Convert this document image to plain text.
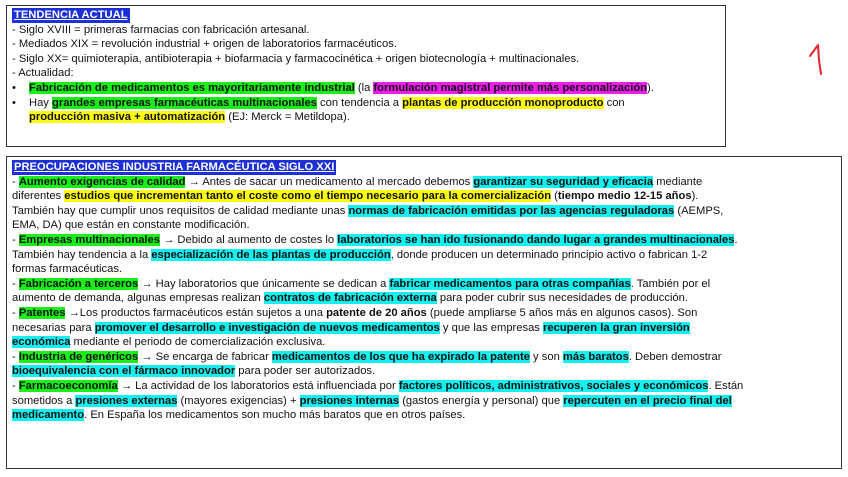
TENDENCIA ACTUAL
- Siglo XVIII = primeras farmacias con fabricación artesanal.
- Mediados XIX = revolución industrial + origen de laboratorios farmacéuticos.
- Siglo XX= quimioterapia, antibioterapia + biofarmacia y farmacocinética + origen biotecnología + multinacionales.
- Actualidad:
• Fabricación de medicamentos es mayoritariamente industrial (la formulación magistral permite más personalización).
• Hay grandes empresas farmacéuticas multinacionales con tendencia a plantas de producción monoproducto con
producción masiva + automatización (EJ: Merck = Metildopa).
PREOCUPACIONES INDUSTRIA FARMACÉUTICA SIGLO XXI
- Aumento exigencias de calidad → Antes de sacar un medicamento al mercado debemos garantizar su seguridad y eficacia mediante
diferentes estudios que incrementan tanto el coste como el tiempo necesario para la comercialización (tiempo medio 12-15 años).
También hay que cumplir unos requisitos de calidad mediante unas normas de fabricación emitidas por las agencias reguladoras (AEMPS,
EMA, DA) que están en constante modificación.
- Empresas multinacionales → Debido al aumento de costes lo laboratorios se han ido fusionando dando lugar a grandes multinacionales.
También hay tendencia a la especialización de las plantas de producción, donde producen un determinado principio activo o fabrican 1-2
formas farmacéuticas.
- Fabricación a terceros → Hay laboratorios que únicamente se dedican a fabricar medicamentos para otras compañías. También por el
aumento de demanda, algunas empresas realizan contratos de fabricación externa para poder cubrir sus necesidades de producción.
- Patentes →Los productos farmacéuticos están sujetos a una patente de 20 años (puede ampliarse 5 años más en algunos casos). Son
necesarias para promover el desarrollo e investigación de nuevos medicamentos y que las empresas recuperen la gran inversión
económica mediante el periodo de comercialización exclusiva.
- Industria de genéricos → Se encarga de fabricar medicamentos de los que ha expirado la patente y son más baratos. Deben demostrar
bioequivalencia con el fármaco innovador para poder ser autorizados.
- Farmacoeconomía → La actividad de los laboratorios está influenciada por factores políticos, administrativos, sociales y económicos. Están
sometidos a presiones externas (mayores exigencias) + presiones internas (gastos energía y personal) que repercuten en el precio final del
medicamento. En España los medicamentos son mucho más baratos que en otros países.
